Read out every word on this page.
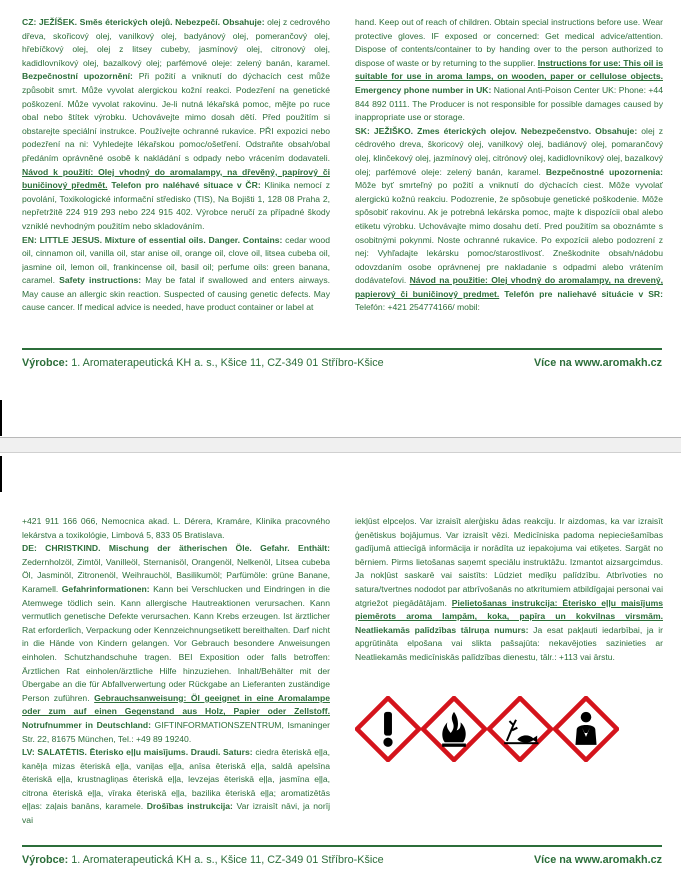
CZ: JEŽÍŠEK. Směs éterických olejů. Nebezpečí. Obsahuje: olej z cedrového dřeva, skořicový olej, vanilkový olej, badyánový olej, pomerančový olej, hřebíčkový olej, olej z litsey cubeby, jasmínový olej, citronový olej, kadidlovníkový olej, bazalkový olej; parfémové oleje: zelený banán, karamel. Bezpečnostní upozornění: Při požití a vniknutí do dýchacích cest může způsobit smrt. Může vyvolat alergickou kožní reakci. Podezření na genetické poškození. Může vyvolat rakovinu. Je-li nutná lékařská pomoc, mějte po ruce obal nebo štítek výrobku. Uchovávejte mimo dosah dětí. Před použitím si obstarejte speciální instrukce. Používejte ochranné rukavice. PŘI expozici nebo podezření na ni: Vyhledejte lékařskou pomoc/ošetření. Odstraňte obsah/obal předáním oprávněné osobě k nakládání s odpady nebo vrácením dodavateli. Návod k použití: Olej vhodný do aromalampy, na dřevěný, papírový či buničinový předmět. Telefon pro naléhavé situace v ČR: Klinika nemocí z povolání, Toxikologické informační středisko (TIS), Na Bojišti 1, 128 08 Praha 2, nepřetržitě 224 919 293 nebo 224 915 402. Výrobce neručí za případné škody vzniklé nevhodným použitím nebo skladováním.
EN: LITTLE JESUS. Mixture of essential oils. Danger. Contains: cedar wood oil, cinnamon oil, vanilla oil, star anise oil, orange oil, clove oil, litsea cubeba oil, jasmine oil, lemon oil, frankincense oil, basil oil; perfume oils: green banana, caramel. Safety instructions: May be fatal if swallowed and enters airways. May cause an allergic skin reaction. Suspected of causing genetic defects. May cause cancer. If medical advice is needed, have product container or label at
hand. Keep out of reach of children. Obtain special instructions before use. Wear protective gloves. IF exposed or concerned: Get medical advice/attention. Dispose of contents/container to by handing over to the person authorized to dispose of waste or by returning to the supplier. Instructions for use: This oil is suitable for use in aroma lamps, on wooden, paper or cellulose objects. Emergency phone number in UK: National Anti-Poison Center UK: Phone: +44 844 892 0111. The Producer is not responsible for possible damages caused by inappropriate use or storage.
SK: JEŽIŠKO. Zmes éterických olejov. Nebezpečenstvo. Obsahuje: olej z cédrového dreva, škoricový olej, vanilkový olej, badiánový olej, pomarančový olej, klinčekový olej, jazmínový olej, citrónový olej, kadidlovníkový olej, bazalkový olej; parfémové oleje: zelený banán, karamel. Bezpečnostné upozornenia: Môže byť smrteľný po požití a vniknutí do dýchacích ciest. Môže vyvolať alergickú kožnú reakciu. Podozrenie, že spôsobuje genetické poškodenie. Môže spôsobiť rakovinu. Ak je potrebná lekárska pomoc, majte k dispozícii obal alebo etiketu výrobku. Uchovávajte mimo dosahu detí. Pred použitím sa oboznámte s osobitnými pokynmi. Noste ochranné rukavice. Po expozícii alebo podozrení z nej: Vyhľadajte lekársku pomoc/starostlivosť. Zneškodnite obsah/nádobu odovzdaním osobe oprávnenej pre nakladanie s odpadmi alebo vrátením dodávateľovi. Návod na použitie: Olej vhodný do aromalampy, na drevený, papierový či buničinový predmet. Telefón pre naliehavé situácie v SR: Telefón: +421 254774166/ mobil:
Výrobce: 1. Aromaterapeutická KH a. s., Kšice 11, CZ-349 01 Stříbro-Kšice	Více na www.aromakh.cz
+421 911 166 066, Nemocnica akad. L. Dérera, Kramáre, Klinika pracovného lekárstva a toxikológie, Limbová 5, 833 05 Bratislava.
DE: CHRISTKIND. Mischung der ätherischen Öle. Gefahr. Enthält: Zedernholzöl, Zimtöl, Vanilleöl, Sternanisöl, Orangenöl, Nelkenöl, Litsea cubeba Öl, Jasminöl, Zitronenöl, Weihrauchöl, Basilikumöl; Parfümöle: grüne Banane, Karamell. Gefahrinformationen: Kann bei Verschlucken und Eindringen in die Atemwege tödlich sein. Kann allergische Hautreaktionen verursachen. Kann vermutlich genetische Defekte verursachen. Kann Krebs erzeugen. Ist ärztlicher Rat erforderlich, Verpackung oder Kennzeichnungsetikett bereithalten. Darf nicht in die Hände von Kindern gelangen. Vor Gebrauch besondere Anweisungen einholen. Schutzhandschuhe tragen. BEI Exposition oder falls betroffen: Ärztlichen Rat einholen/ärztliche Hilfe hinzuziehen. Inhalt/Behälter mit der Übergabe an die für Abfallverwertung oder Rückgabe an Lieferanten zuständige Person zuführen. Gebrauchsanweisung: Öl geeignet in eine Aromalampe oder zum auf einen Gegenstand aus Holz, Papier oder Zellstoff. Notrufnummer in Deutschland: GIFTINFORMATIONSZENTRUM, Ismaninger Str. 22, 81675 München, Tel.: +49 89 19240.
LV: SALATĒTIS. Ēterisko eļļu maisījums. Draudi. Saturs: ciedra ēteriskā eļļa, kanēļa mizas ēteriskā eļļa, vaniļas eļļa, anīsa ēteriskā eļļa, saldā apelsīna ēteriskā eļļa, krustnagliņas ēteriskā eļļa, levzejas ēteriskā eļļa, jasmīna eļļa, citrona ēteriskā eļļa, vīraka ēteriskā eļļa, bazilika ēteriskā eļļa; aromatizētās eļļas: zaļais banāns, karamele. Drošības instrukcija: Var izraisīt nāvi, ja norīj vai
iekļūst elpceļos. Var izraisīt alerģisku ādas reakciju. Ir aizdomas, ka var izraisīt ģenētiskus bojājumus. Var izraisīt vēzi. Medicīniska padoma nepieciešamības gadījumā attiecīgā informācija ir norādīta uz iepakojuma vai etiķetes. Sargāt no bērniem. Pirms lietošanas saņemt speciālu instruktāžu. Izmantot aizsargcimdus. Ja nokļūst saskarē vai saistīts: Lūdziet medīķu palīdzību. Atbrīvoties no satura/tvertnes nododot par atbrīvošanās no atkritumiem atbildīgajai personai vai atgriežot piegādātājam. Pielietošanas instrukcija: Ēterisko eļļu maisījums piemērots aroma lampām, koka, papīra un kokvilnas virsmām. Neatliekamās palīdzības tālruņa numurs: Ja esat pakļauti iedarbībai, ja ir apgrūtināta elpošana vai slikta pašsajūta: nekavējoties sazinieties ar Neatliekamās medicīniskās palīdzības dienestu, tālr.: +113 vai ārstu.
Výrobce: 1. Aromaterapeutická KH a. s., Kšice 11, CZ-349 01 Stříbro-Kšice	Více na www.aromakh.cz
